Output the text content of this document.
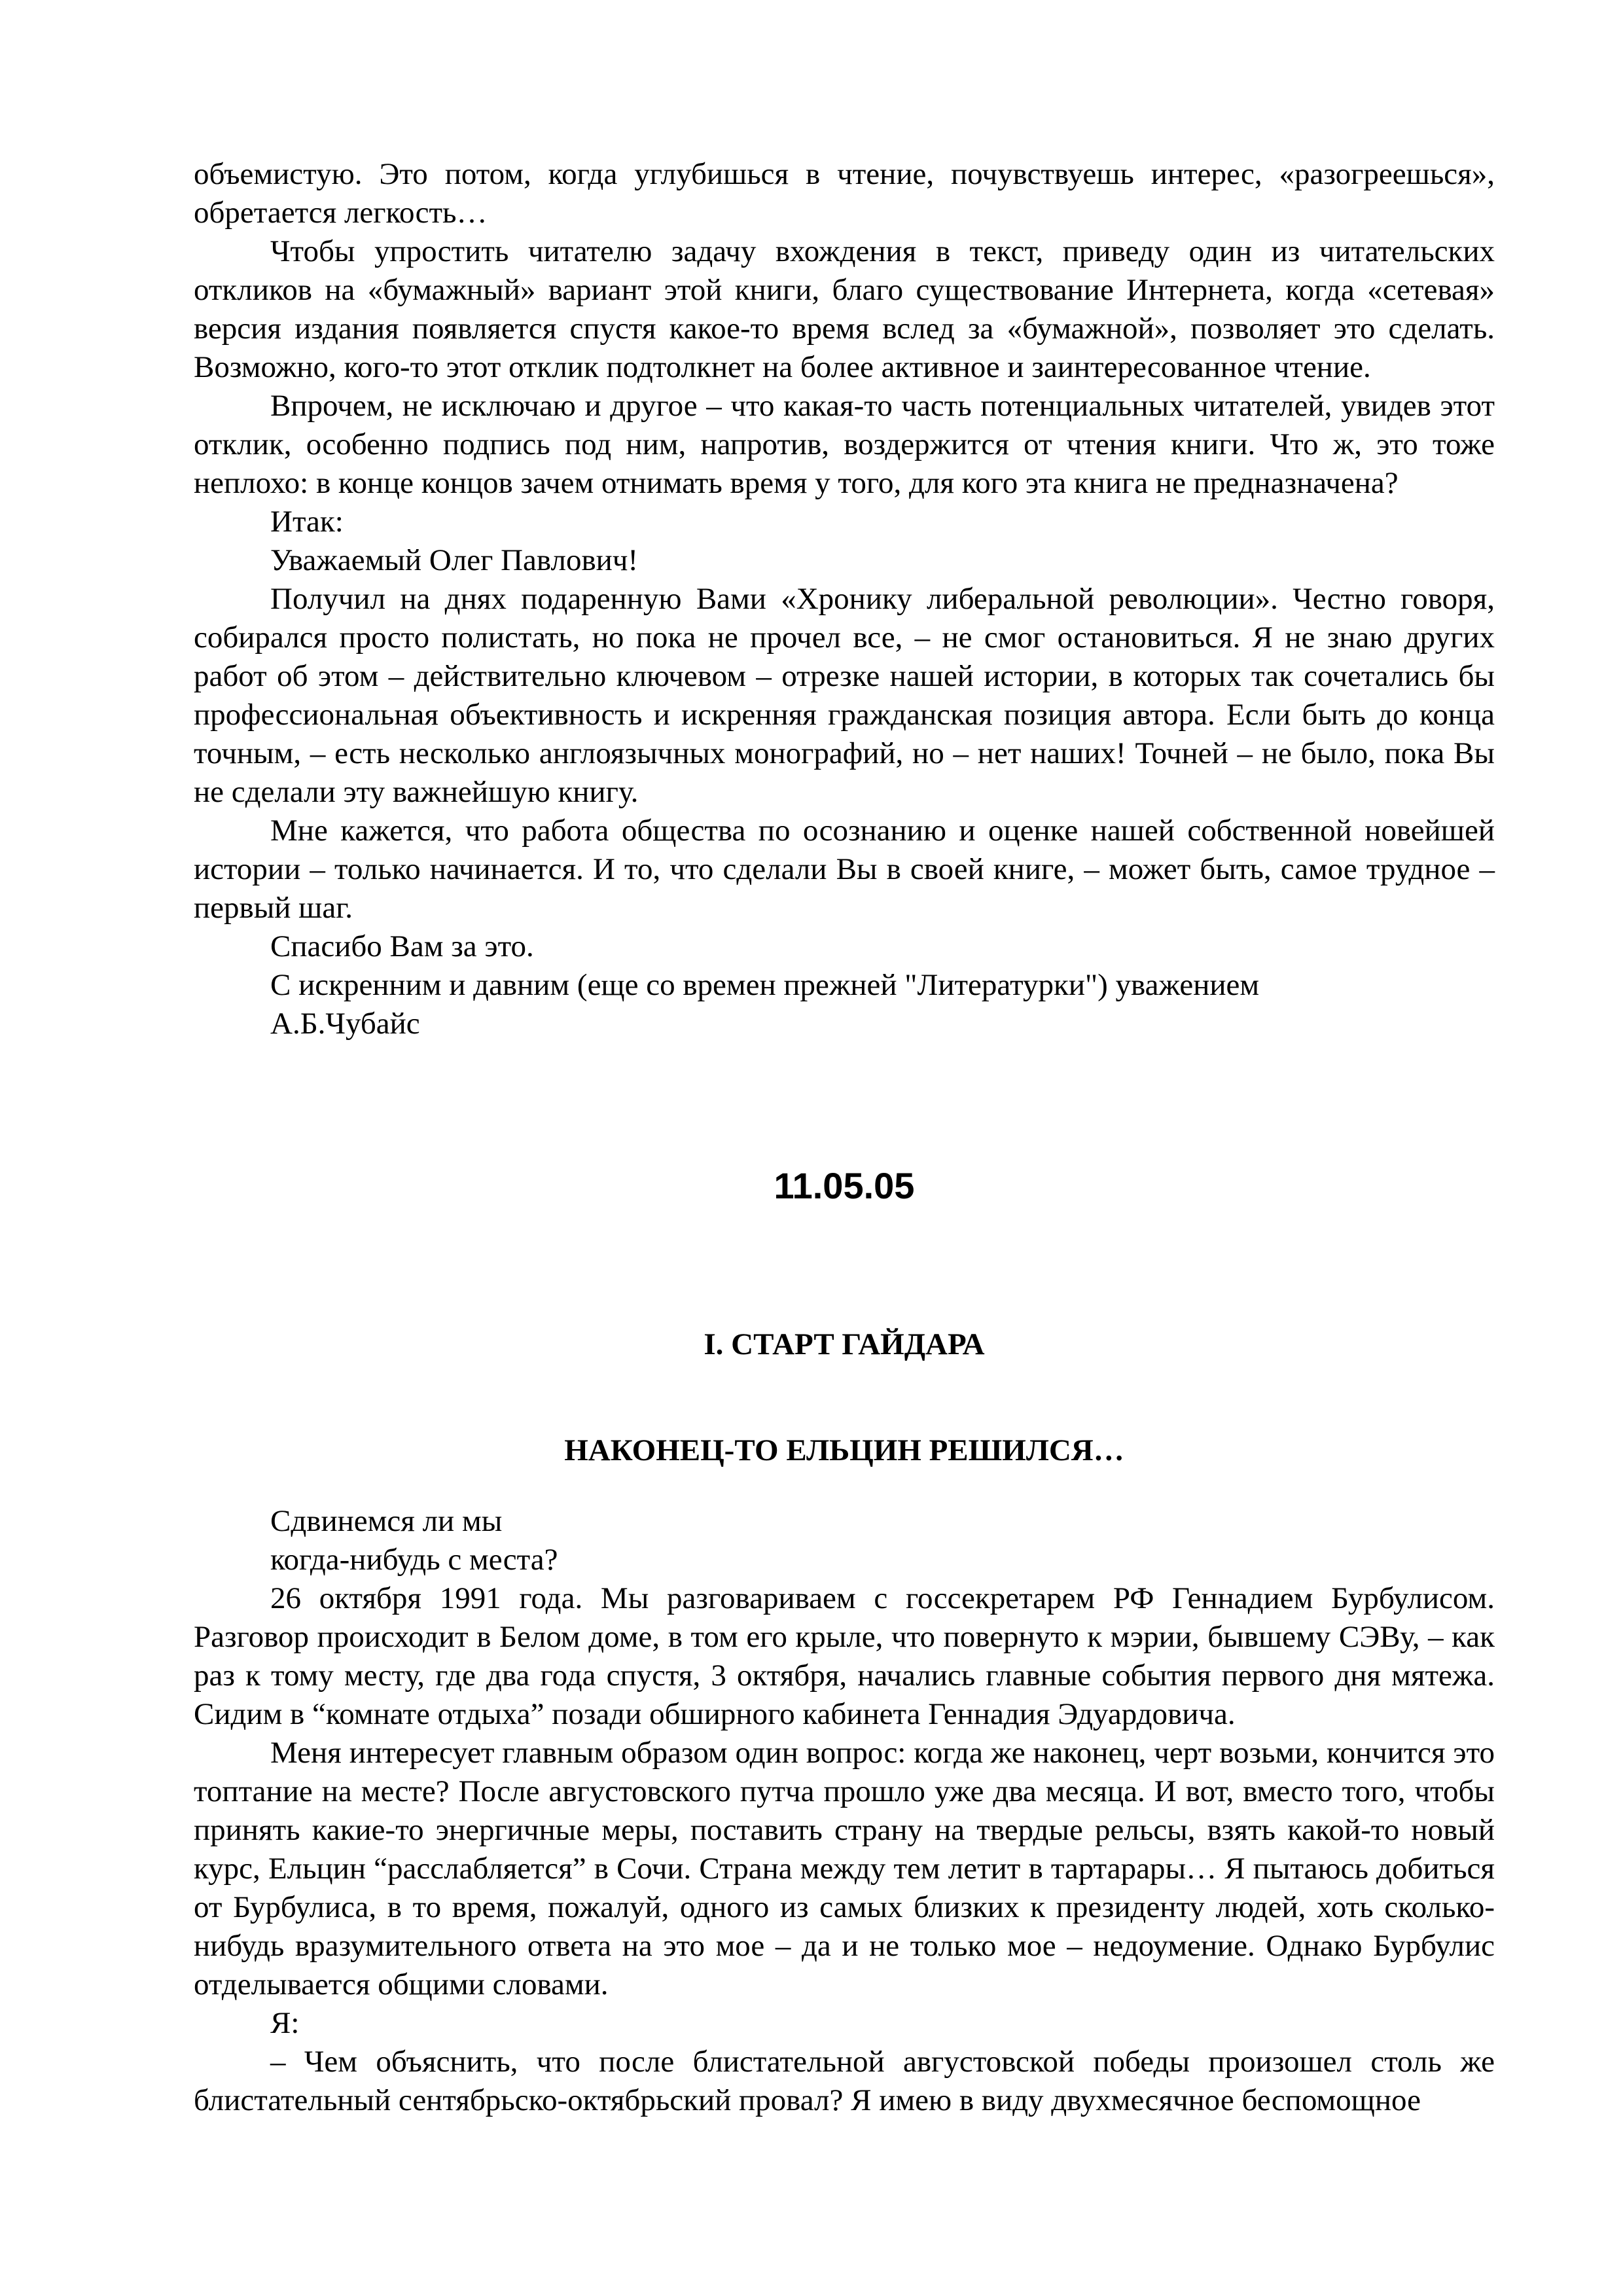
объемистую. Это потом, когда углубишься в чтение, почувствуешь интерес, «разогреешься», обретается легкость…

Чтобы упростить читателю задачу вхождения в текст, приведу один из читательских откликов на «бумажный» вариант этой книги, благо существование Интернета, когда «сетевая» версия издания появляется спустя какое-то время вслед за «бумажной», позволяет это сделать. Возможно, кого-то этот отклик подтолкнет на более активное и заинтересованное чтение.

Впрочем, не исключаю и другое – что какая-то часть потенциальных читателей, увидев этот отклик, особенно подпись под ним, напротив, воздержится от чтения книги. Что ж, это тоже неплохо: в конце концов зачем отнимать время у того, для кого эта книга не предназначена?

Итак:

Уважаемый Олег Павлович!

Получил на днях подаренную Вами «Хронику либеральной революции». Честно говоря, собирался просто полистать, но пока не прочел все, – не смог остановиться. Я не знаю других работ об этом – действительно ключевом – отрезке нашей истории, в которых так сочетались бы профессиональная объективность и искренняя гражданская позиция автора. Если быть до конца точным, – есть несколько англоязычных монографий, но – нет наших! Точней – не было, пока Вы не сделали эту важнейшую книгу.

Мне кажется, что работа общества по осознанию и оценке нашей собственной новейшей истории – только начинается. И то, что сделали Вы в своей книге, – может быть, самое трудное – первый шаг.

Спасибо Вам за это.

С искренним и давним (еще со времен прежней "Литературки") уважением

А.Б.Чубайс

11.05.05
I. СТАРТ ГАЙДАРА
НАКОНЕЦ-ТО ЕЛЬЦИН РЕШИЛСЯ…

Сдвинемся ли мы

когда-нибудь с места?

26 октября 1991 года. Мы разговариваем с госсекретарем РФ Геннадием Бурбулисом. Разговор происходит в Белом доме, в том его крыле, что повернуто к мэрии, бывшему СЭВу, – как раз к тому месту, где два года спустя, 3 октября, начались главные события первого дня мятежа. Сидим в “комнате отдыха” позади обширного кабинета Геннадия Эдуардовича.

Меня интересует главным образом один вопрос: когда же наконец, черт возьми, кончится это топтание на месте? После августовского путча прошло уже два месяца. И вот, вместо того, чтобы принять какие-то энергичные меры, поставить страну на твердые рельсы, взять какой-то новый курс, Ельцин “расслабляется” в Сочи. Страна между тем летит в тартарары… Я пытаюсь добиться от Бурбулиса, в то время, пожалуй, одного из самых близких к президенту людей, хоть сколько-нибудь вразумительного ответа на это мое – да и не только мое – недоумение. Однако Бурбулис отделывается общими словами.

Я:

– Чем объяснить, что после блистательной августовской победы произошел столь же блистательный сентябрьско-октябрьский провал? Я имею в виду двухмесячное беспомощное
